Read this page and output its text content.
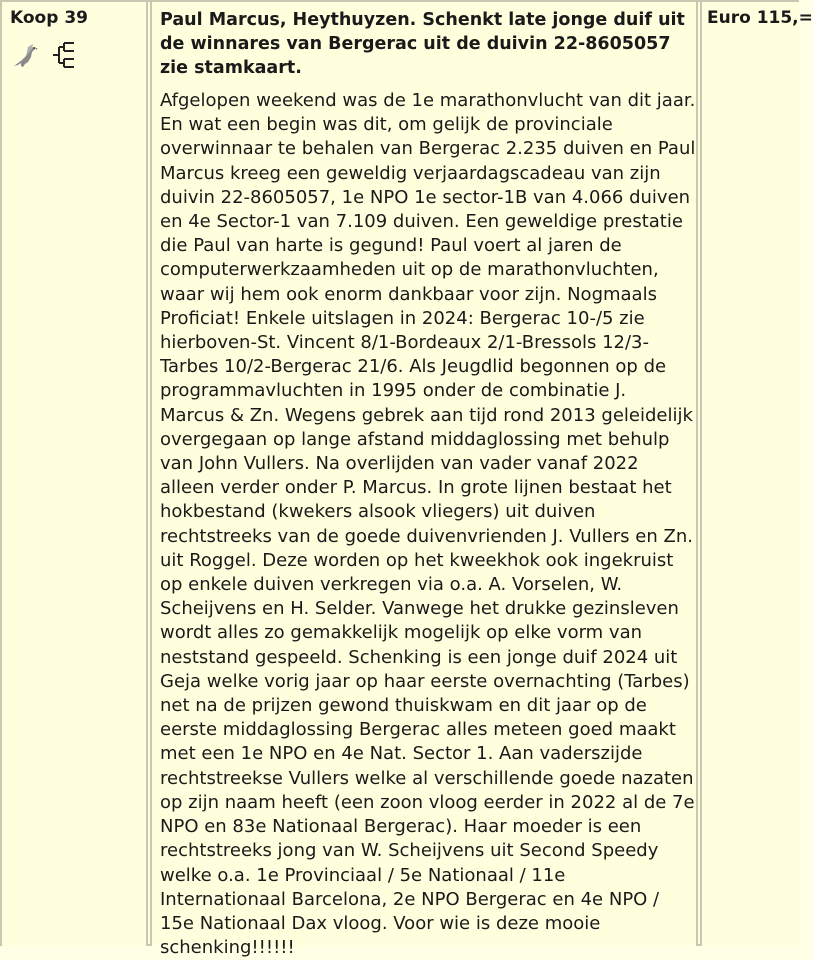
Koop 39	Paul Marcus, Heythuyzen. Schenkt late jonge duif uit de winnares van Bergerac uit de duivin 22-8605057 zie stamkaart.
Afgelopen weekend was de 1e marathonvlucht van dit jaar. En wat een begin was dit, om gelijk de provinciale overwinnaar te behalen van Bergerac 2.235 duiven en Paul Marcus kreeg een geweldig verjaardagscadeau van zijn duivin 22-8605057, 1e NPO 1e sector-1B van 4.066 duiven en 4e Sector-1 van 7.109 duiven. Een geweldige prestatie die Paul van harte is gegund! Paul voert al jaren de computerwerkzaamheden uit op de marathonvluchten, waar wij hem ook enorm dankbaar voor zijn. Nogmaals Proficiat! Enkele uitslagen in 2024: Bergerac 10-/5 zie hierboven-St. Vincent 8/1-Bordeaux 2/1-Bressols 12/3-Tarbes 10/2-Bergerac 21/6. Als Jeugdlid begonnen op de programmavluchten in 1995 onder de combinatie J. Marcus & Zn. Wegens gebrek aan tijd rond 2013 geleidelijk overgegaan op lange afstand middaglossing met behulp van John Vullers. Na overlijden van vader vanaf 2022 alleen verder onder P. Marcus. In grote lijnen bestaat het hokbestand (kwekers alsook vliegers) uit duiven rechtstreeks van de goede duivenvrienden J. Vullers en Zn. uit Roggel. Deze worden op het kweekhok ook ingekruist op enkele duiven verkregen via o.a. A. Vorselen, W. Scheijvens en H. Selder. Vanwege het drukke gezinsleven wordt alles zo gemakkelijk mogelijk op elke vorm van neststand gespeeld. Schenking is een jonge duif 2024 uit Geja welke vorig jaar op haar eerste overnachting (Tarbes) net na de prijzen gewond thuiskwam en dit jaar op de eerste middaglossing Bergerac alles meteen goed maakt met een 1e NPO en 4e Nat. Sector 1. Aan vaderszijde rechtstreekse Vullers welke al verschillende goede nazaten op zijn naam heeft (een zoon vloog eerder in 2022 al de 7e NPO en 83e Nationaal Bergerac). Haar moeder is een rechtstreeks jong van W. Scheijvens uit Second Speedy welke o.a. 1e Provinciaal / 5e Nationaal / 11e Internationaal Barcelona, 2e NPO Bergerac en 4e NPO / 15e Nationaal Dax vloog. Voor wie is deze mooie schenking!!!!!!
Euro 115,=
